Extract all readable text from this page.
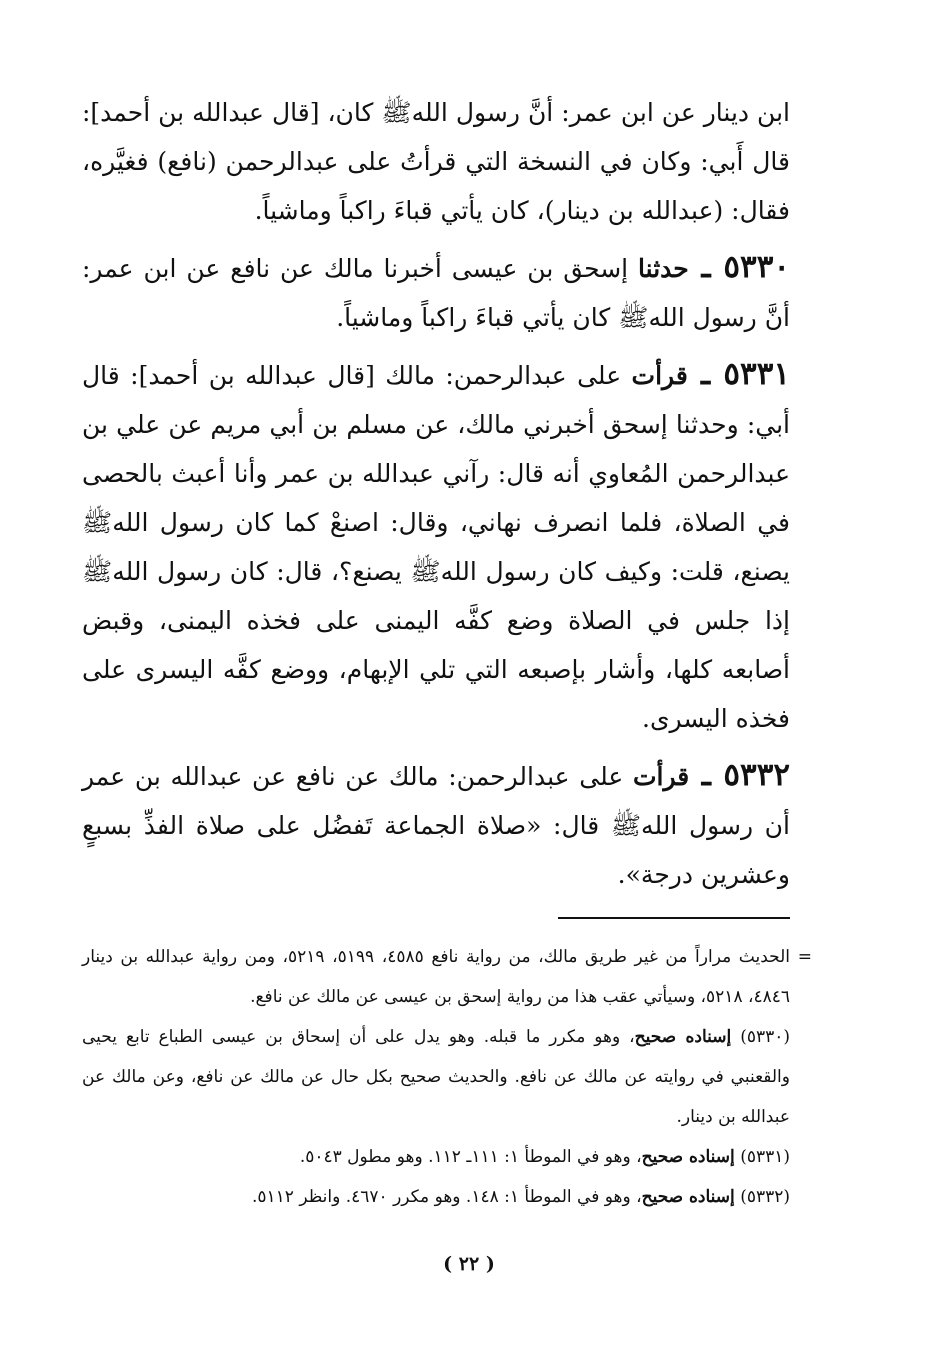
ابن دينار عن ابن عمر: أنَّ رسول اللهﷺ كان، [قال عبدالله بن أحمد]: قال أَبي: وكان في النسخة التي قرأتُ على عبدالرحمن (نافع) فغيَّره، فقال: (عبدالله بن دينار)، كان يأتي قباءَ راكباً وماشياً.

٥٣٣٠ ـ حدثنا إسحق بن عيسى أخبرنا مالك عن نافع عن ابن عمر: أنَّ رسول اللهﷺ كان يأتي قباءَ راكباً وماشياً.

٥٣٣١ ـ قرأت على عبدالرحمن: مالك [قال عبدالله بن أحمد]: قال أبي: وحدثنا إسحق أخبرني مالك، عن مسلم بن أبي مريم عن علي بن عبدالرحمن المُعاوي أنه قال: رآني عبدالله بن عمر وأنا أعبث بالحصى في الصلاة، فلما انصرف نهاني، وقال: اصنعْ كما كان رسول اللهﷺ يصنع، قلت: وكيف كان رسول اللهﷺ يصنع؟، قال: كان رسول اللهﷺ إذا جلس في الصلاة وضع كفَّه اليمنى على فخذه اليمنى، وقبض أصابعه كلها، وأشار بإصبعه التي تلي الإبهام، ووضع كفَّه اليسرى على فخذه اليسرى.

٥٣٣٢ ـ قرأت على عبدالرحمن: مالك عن نافع عن عبدالله بن عمر أن رسول اللهﷺ قال: «صلاة الجماعة تَفضُل على صلاة الفذِّ بسبعٍ وعشرين درجة».

=

الحديث مراراً من غير طريق مالك، من رواية نافع ٤٥٨٥، ٥١٩٩، ٥٢١٩، ومن رواية عبدالله بن دينار ٤٨٤٦، ٥٢١٨، وسيأتي عقب هذا من رواية إسحق بن عيسى عن مالك عن نافع.

(٥٣٣٠) إسناده صحيح، وهو مكرر ما قبله. وهو يدل على أن إسحاق بن عيسى الطباع تابع يحيى والقعنبي في روايته عن مالك عن نافع. والحديث صحيح بكل حال عن مالك عن نافع، وعن مالك عن عبدالله بن دينار.

(٥٣٣١) إسناده صحيح، وهو في الموطأ ١: ١١١ـ ١١٢. وهو مطول ٥٠٤٣.

(٥٣٣٢) إسناده صحيح، وهو في الموطأ ١: ١٤٨. وهو مكرر ٤٦٧٠. وانظر ٥١١٢.

( ٢٢ )
